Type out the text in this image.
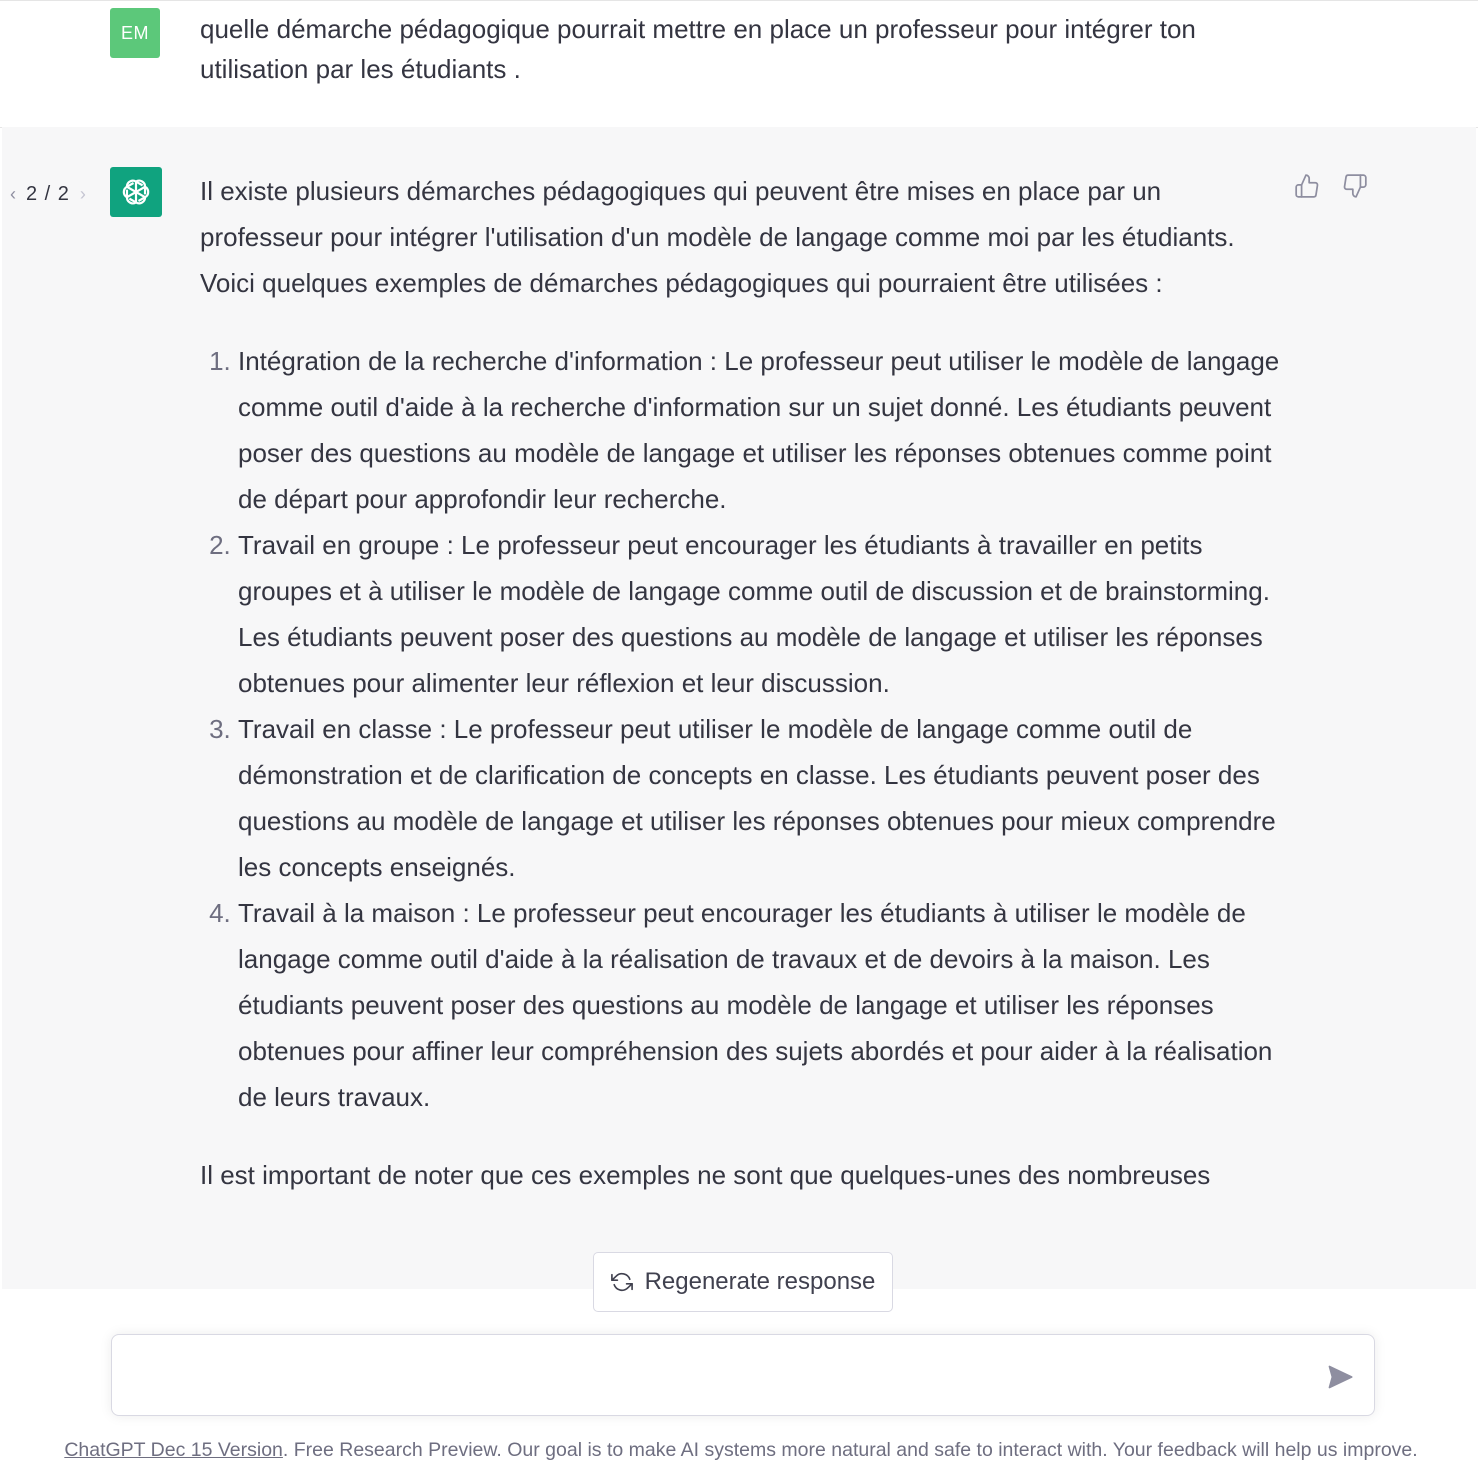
EM quelle démarche pédagogique pourrait mettre en place un professeur pour intégrer ton utilisation par les étudiants .
‹ 2 / 2 ›	Il existe plusieurs démarches pédagogiques qui peuvent être mises en place par un professeur pour intégrer l'utilisation d'un modèle de langage comme moi par les étudiants. Voici quelques exemples de démarches pédagogiques qui pourraient être utilisées :

1. Intégration de la recherche d'information : Le professeur peut utiliser le modèle de langage comme outil d'aide à la recherche d'information sur un sujet donné. Les étudiants peuvent poser des questions au modèle de langage et utiliser les réponses obtenues comme point de départ pour approfondir leur recherche.
2. Travail en groupe : Le professeur peut encourager les étudiants à travailler en petits groupes et à utiliser le modèle de langage comme outil de discussion et de brainstorming. Les étudiants peuvent poser des questions au modèle de langage et utiliser les réponses obtenues pour alimenter leur réflexion et leur discussion.
3. Travail en classe : Le professeur peut utiliser le modèle de langage comme outil de démonstration et de clarification de concepts en classe. Les étudiants peuvent poser des questions au modèle de langage et utiliser les réponses obtenues pour mieux comprendre les concepts enseignés.
4. Travail à la maison : Le professeur peut encourager les étudiants à utiliser le modèle de langage comme outil d'aide à la réalisation de travaux et de devoirs à la maison. Les étudiants peuvent poser des questions au modèle de langage et utiliser les réponses obtenues pour affiner leur compréhension des sujets abordés et pour aider à la réalisation de leurs travaux.

Il est important de noter que ces exemples ne sont que quelques-unes des nombreuses

Regenerate response
ChatGPT Dec 15 Version. Free Research Preview. Our goal is to make AI systems more natural and safe to interact with. Your feedback will help us improve.
